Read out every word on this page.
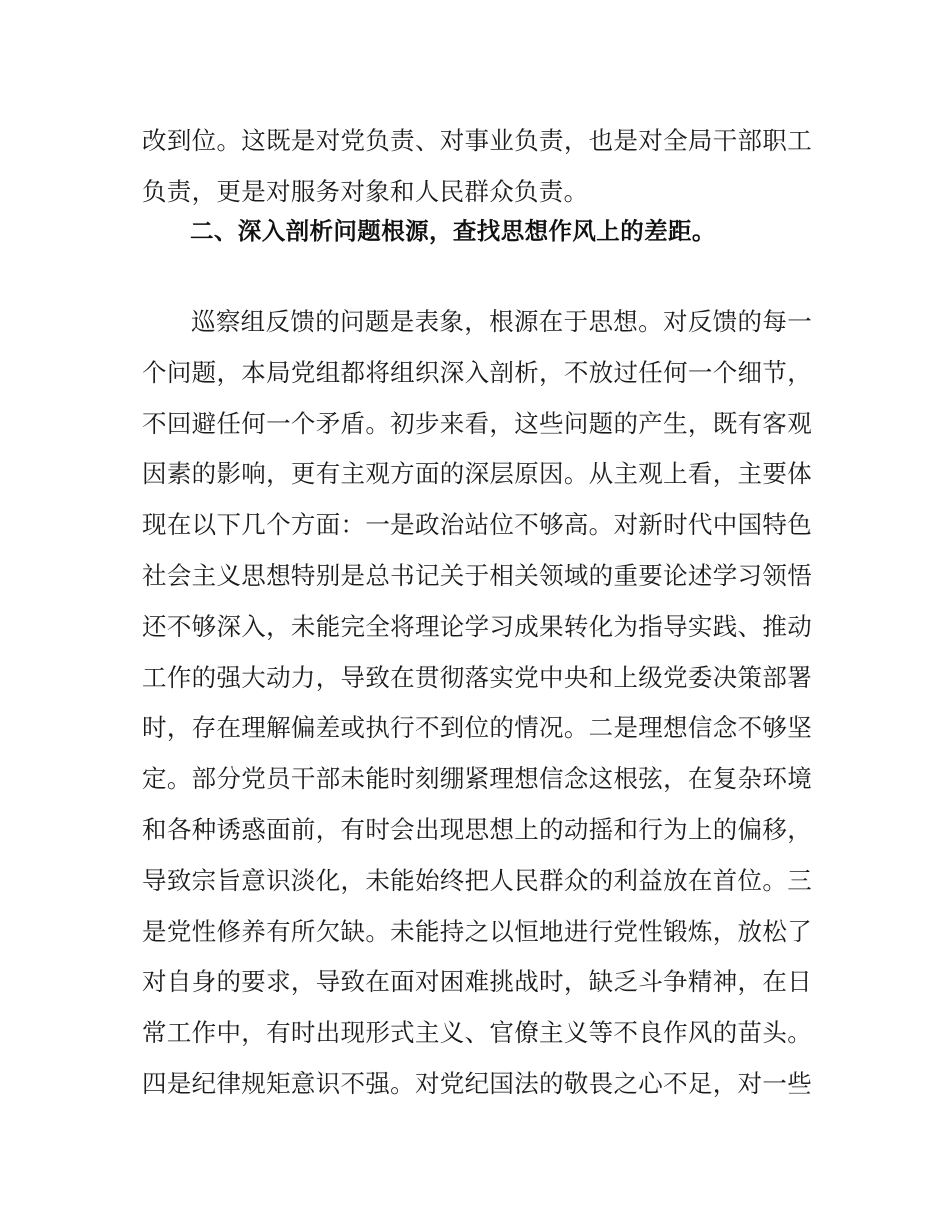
改到位。这既是对党负责、对事业负责，也是对全局干部职工
负责，更是对服务对象和人民群众负责。
二、深入剖析问题根源，查找思想作风上的差距。
巡察组反馈的问题是表象，根源在于思想。对反馈的每一
个问题，本局党组都将组织深入剖析，不放过任何一个细节，
不回避任何一个矛盾。初步来看，这些问题的产生，既有客观
因素的影响，更有主观方面的深层原因。从主观上看，主要体
现在以下几个方面：一是政治站位不够高。对新时代中国特色
社会主义思想特别是总书记关于相关领域的重要论述学习领悟
还不够深入，未能完全将理论学习成果转化为指导实践、推动
工作的强大动力，导致在贯彻落实党中央和上级党委决策部署
时，存在理解偏差或执行不到位的情况。二是理想信念不够坚
定。部分党员干部未能时刻绷紧理想信念这根弦，在复杂环境
和各种诱惑面前，有时会出现思想上的动摇和行为上的偏移，
导致宗旨意识淡化，未能始终把人民群众的利益放在首位。三
是党性修养有所欠缺。未能持之以恒地进行党性锻炼，放松了
对自身的要求，导致在面对困难挑战时，缺乏斗争精神，在日
常工作中，有时出现形式主义、官僚主义等不良作风的苗头。
四是纪律规矩意识不强。对党纪国法的敬畏之心不足，对一些
